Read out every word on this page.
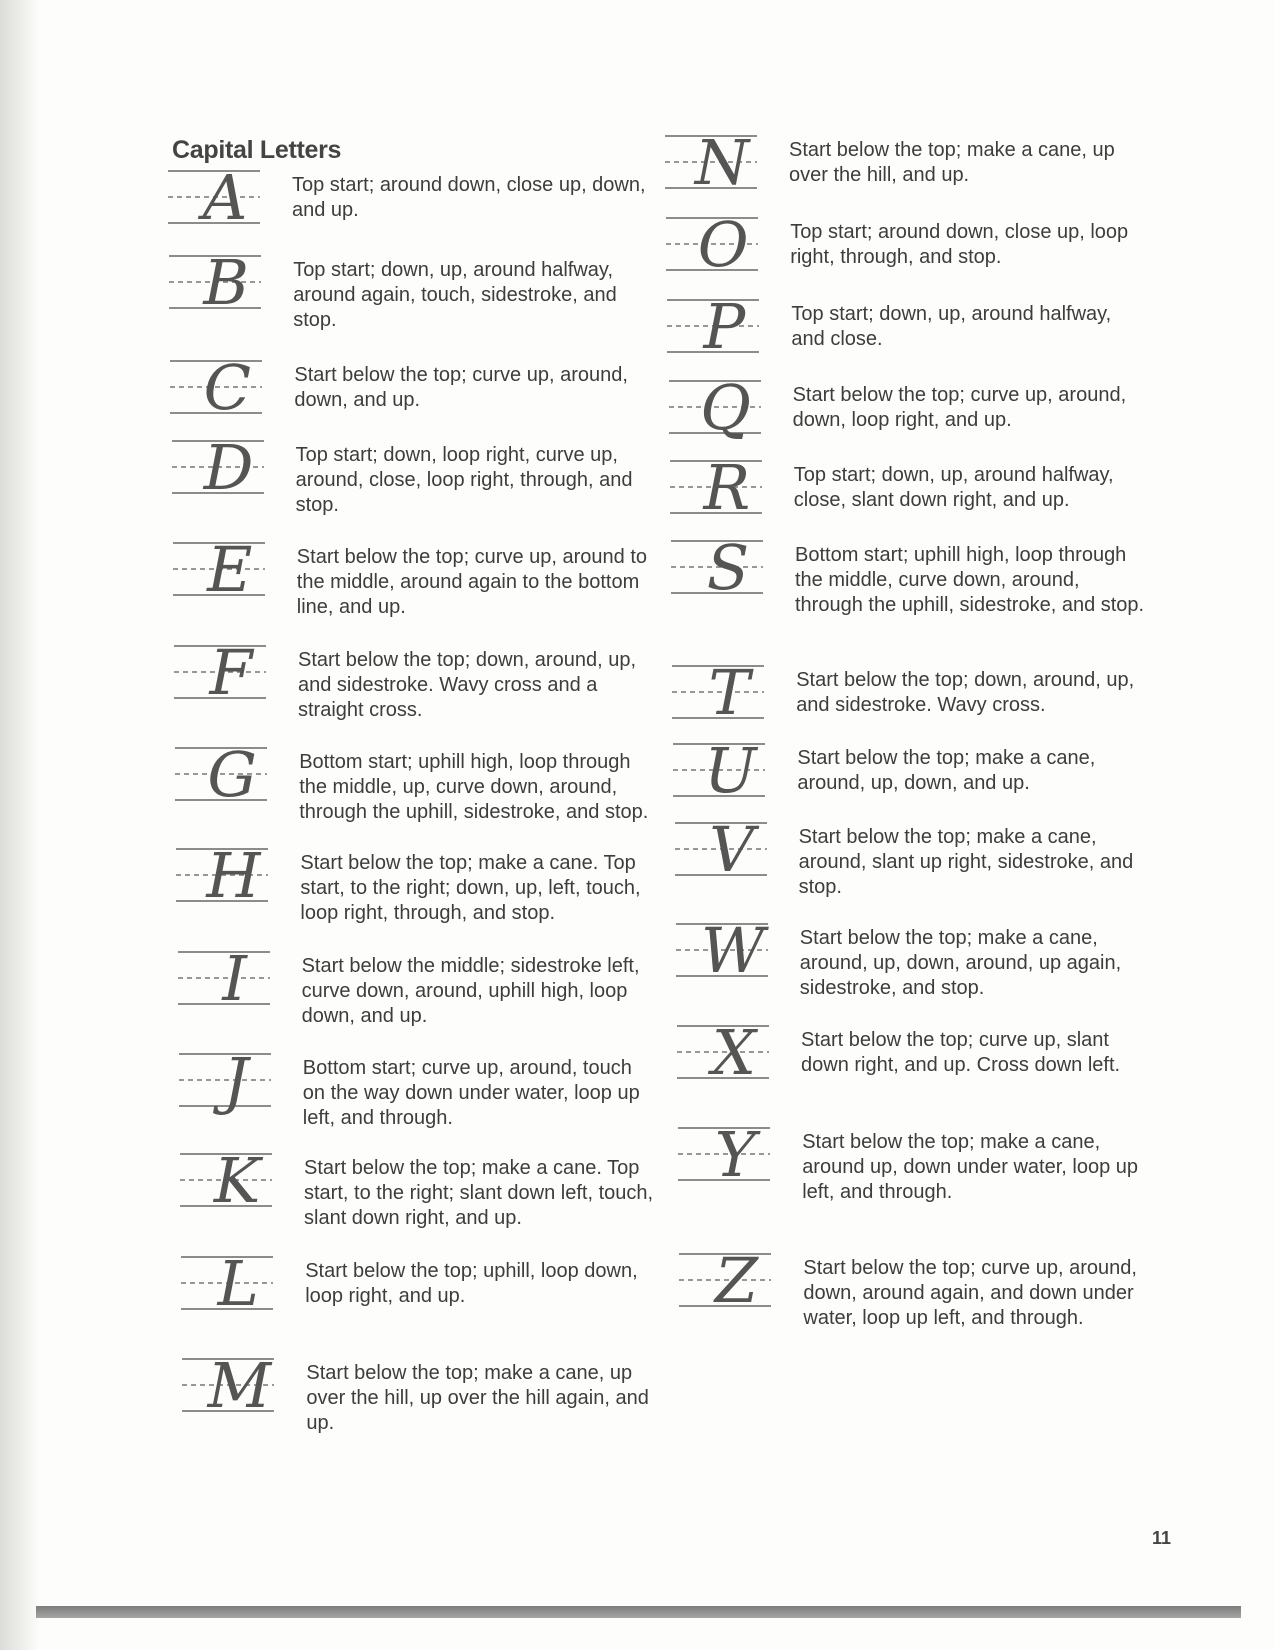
Capital Letters
A	Top start; around down, close up, down, and up.
B	Top start; down, up, around halfway, around again, touch, sidestroke, and stop.
C	Start below the top; curve up, around, down, and up.
D	Top start; down, loop right, curve up, around, close, loop right, through, and stop.
E	Start below the top; curve up, around to the middle, around again to the bottom line, and up.
F	Start below the top; down, around, up, and sidestroke. Wavy cross and a straight cross.
G	Bottom start; uphill high, loop through the middle, up, curve down, around, through the uphill, sidestroke, and stop.
H	Start below the top; make a cane. Top start, to the right; down, up, left, touch, loop right, through, and stop.
I	Start below the middle; sidestroke left, curve down, around, uphill high, loop down, and up.
J	Bottom start; curve up, around, touch on the way down under water, loop up left, and through.
K	Start below the top; make a cane. Top start, to the right; slant down left, touch, slant down right, and up.
L	Start below the top; uphill, loop down, loop right, and up.
M Start below the top; make a cane, up over the hill, up over the hill again, and up.
N	Start below the top; make a cane, up over the hill, and up.
O	Top start; around down, close up, loop right, through, and stop.
P	Top start; down, up, around halfway, and close.
Q	Start below the top; curve up, around, down, loop right, and up.
R	Top start; down, up, around halfway, close, slant down right, and up.
S	Bottom start; uphill high, loop through the middle, curve down, around, through the uphill, sidestroke, and stop.
T	Start below the top; down, around, up, and sidestroke. Wavy cross.
U	Start below the top; make a cane, around, up, down, and up.
V	Start below the top; make a cane, around, slant up right, sidestroke, and stop.
W Start below the top; make a cane, around, up, down, around, up again, sidestroke, and stop.
X	Start below the top; curve up, slant down right, and up. Cross down left.
Y	Start below the top; make a cane, around up, down under water, loop up left, and through.
Z	Start below the top; curve up, around, down, around again, and down under water, loop up left, and through.
11
